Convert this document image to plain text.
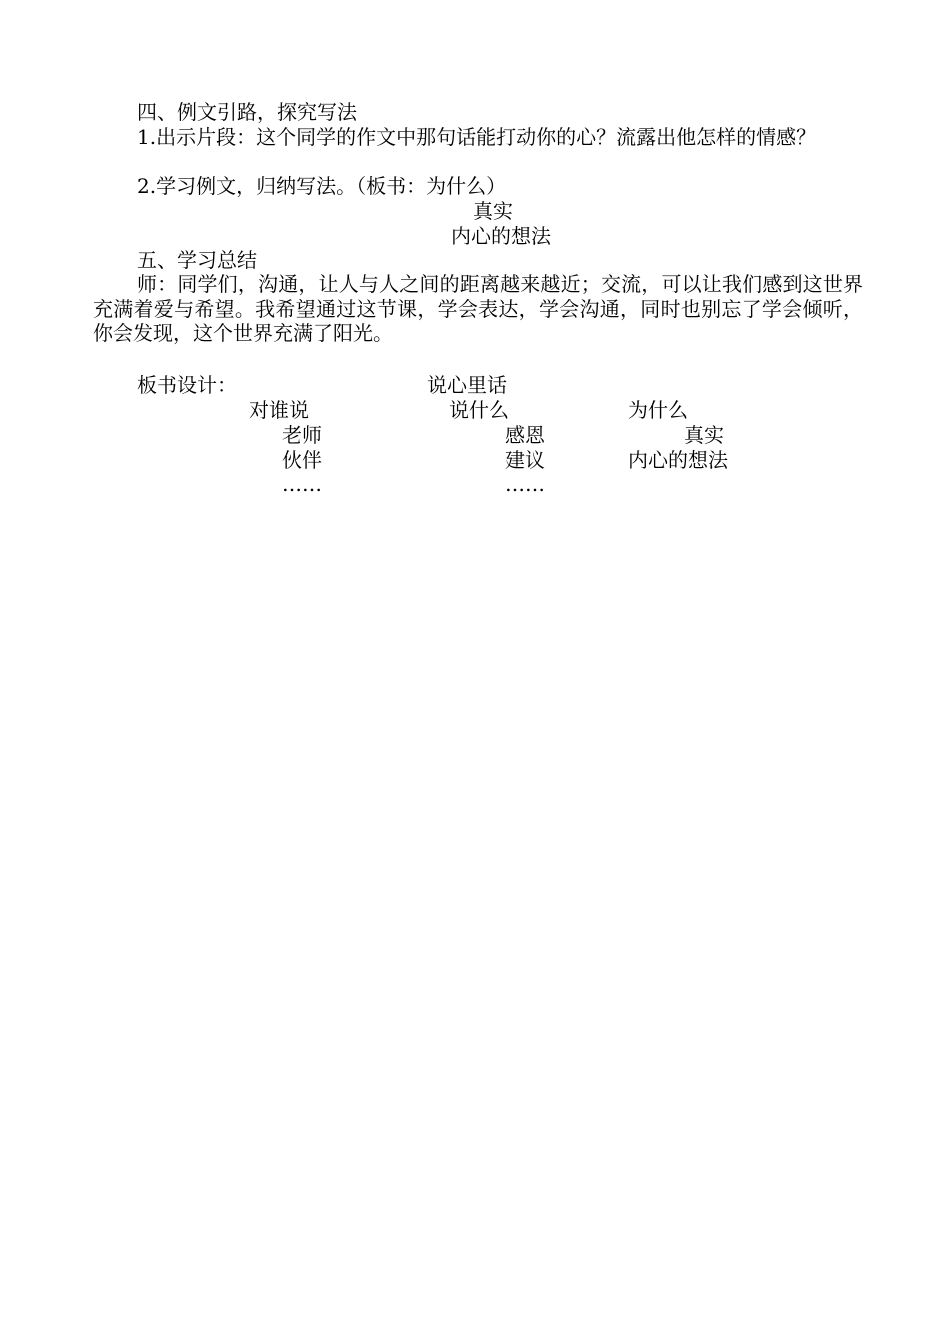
四、例文引路，探究写法
1.出示片段：这个同学的作文中那句话能打动你的心？流露出他怎样的情感？
2.学习例文，归纳写法。（板书：为什么）
真实
内心的想法
五、学习总结
师：同学们，沟通，让人与人之间的距离越来越近；交流，可以让我们感到这世界充满着爱与希望。我希望通过这节课，学会表达，学会沟通，同时也别忘了学会倾听，你会发现，这个世界充满了阳光。
板书设计：	说心里话
对谁说	说什么	为什么
老师	感恩	真实
伙伴	建议	内心的想法
……	……
